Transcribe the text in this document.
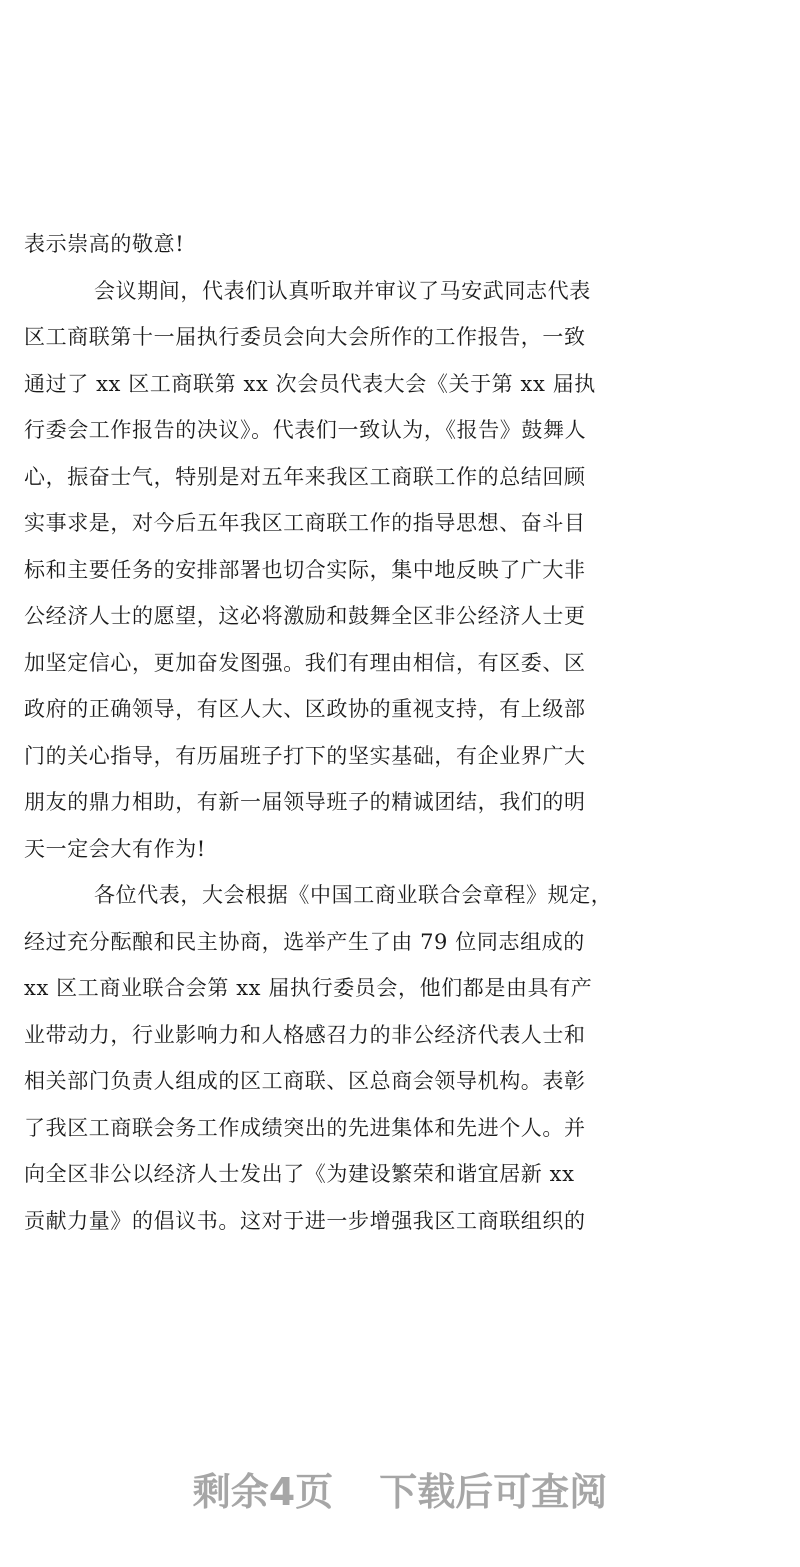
表示崇高的敬意!
会议期间，代表们认真听取并审议了马安武同志代表
区工商联第十一届执行委员会向大会所作的工作报告，一致
通过了 xx 区工商联第 xx 次会员代表大会《关于第 xx 届执
行委会工作报告的决议》。代表们一致认为，《报告》鼓舞人
心，振奋士气，特别是对五年来我区工商联工作的总结回顾
实事求是，对今后五年我区工商联工作的指导思想、奋斗目
标和主要任务的安排部署也切合实际，集中地反映了广大非
公经济人士的愿望，这必将激励和鼓舞全区非公经济人士更
加坚定信心，更加奋发图强。我们有理由相信，有区委、区
政府的正确领导，有区人大、区政协的重视支持，有上级部
门的关心指导，有历届班子打下的坚实基础，有企业界广大
朋友的鼎力相助，有新一届领导班子的精诚团结，我们的明
天一定会大有作为!
各位代表，大会根据《中国工商业联合会章程》规定，
经过充分酝酿和民主协商，选举产生了由 79 位同志组成的
xx 区工商业联合会第 xx 届执行委员会，他们都是由具有产
业带动力，行业影响力和人格感召力的非公经济代表人士和
相关部门负责人组成的区工商联、区总商会领导机构。表彰
了我区工商联会务工作成绩突出的先进集体和先进个人。并
向全区非公以经济人士发出了《为建设繁荣和谐宜居新 xx
贡献力量》的倡议书。这对于进一步增强我区工商联组织的
剩余4页 下载后可查阅
